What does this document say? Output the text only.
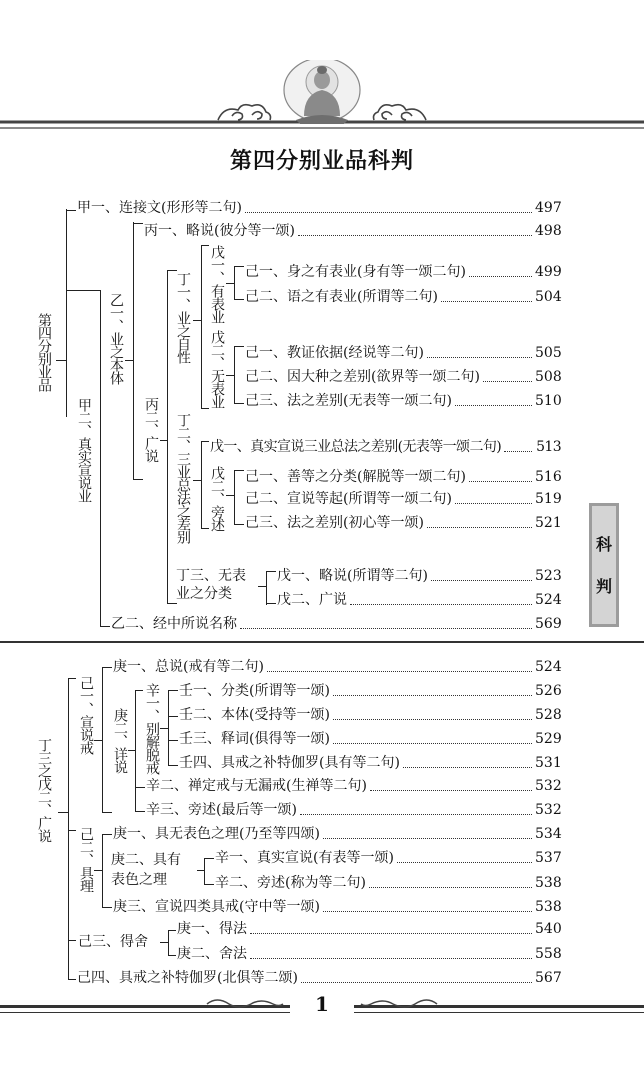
第四分别业品科判
科
判
第四分别业品
甲二、真实宣说业
乙一、业之本体
丙二、广说
丁一、业之自性 戊一、有表业
戊二、无表业
丁二、三业总法之差别 戊二、旁述
丁三、无表
业之分类
甲一、连接文(形形等二句)	497
丙一、略说(彼分等一颂)	498
己一、身之有表业(身有等一颂二句)	499
己二、语之有表业(所谓等二句)	504
己一、教证依据(经说等二句)	505
己二、因大种之差别(欲界等一颂二句)	508
己三、法之差别(无表等一颂二句)	510
戊一、真实宣说三业总法之差别(无表等一颂二句) 513
己一、善等之分类(解脱等一颂二句)	516
己二、宣说等起(所谓等一颂二句)	519
己三、法之差别(初心等一颂)	521
戊一、略说(所谓等二句)	523
戊二、广说	524
乙二、经中所说名称	569
丁三之戊二、广说
己一、宣说戒 庚二、详说 辛一、别解脱戒
己二、具理 庚二、具有
表色之理
己三、得舍
庚一、总说(戒有等二句)	524
壬一、分类(所谓等一颂)	526
壬二、本体(受持等一颂)	528
壬三、释词(俱得等一颂)	529
壬四、具戒之补特伽罗(具有等二句)	531
辛二、禅定戒与无漏戒(生禅等二句)	532
辛三、旁述(最后等一颂)	532
庚一、具无表色之理(乃至等四颂)	534
辛一、真实宣说(有表等一颂)	537
辛二、旁述(称为等二句)	538
庚三、宣说四类具戒(守中等一颂)	538
庚一、得法	540
庚二、舍法	558
己四、具戒之补特伽罗(北俱等二颂)	567
1
